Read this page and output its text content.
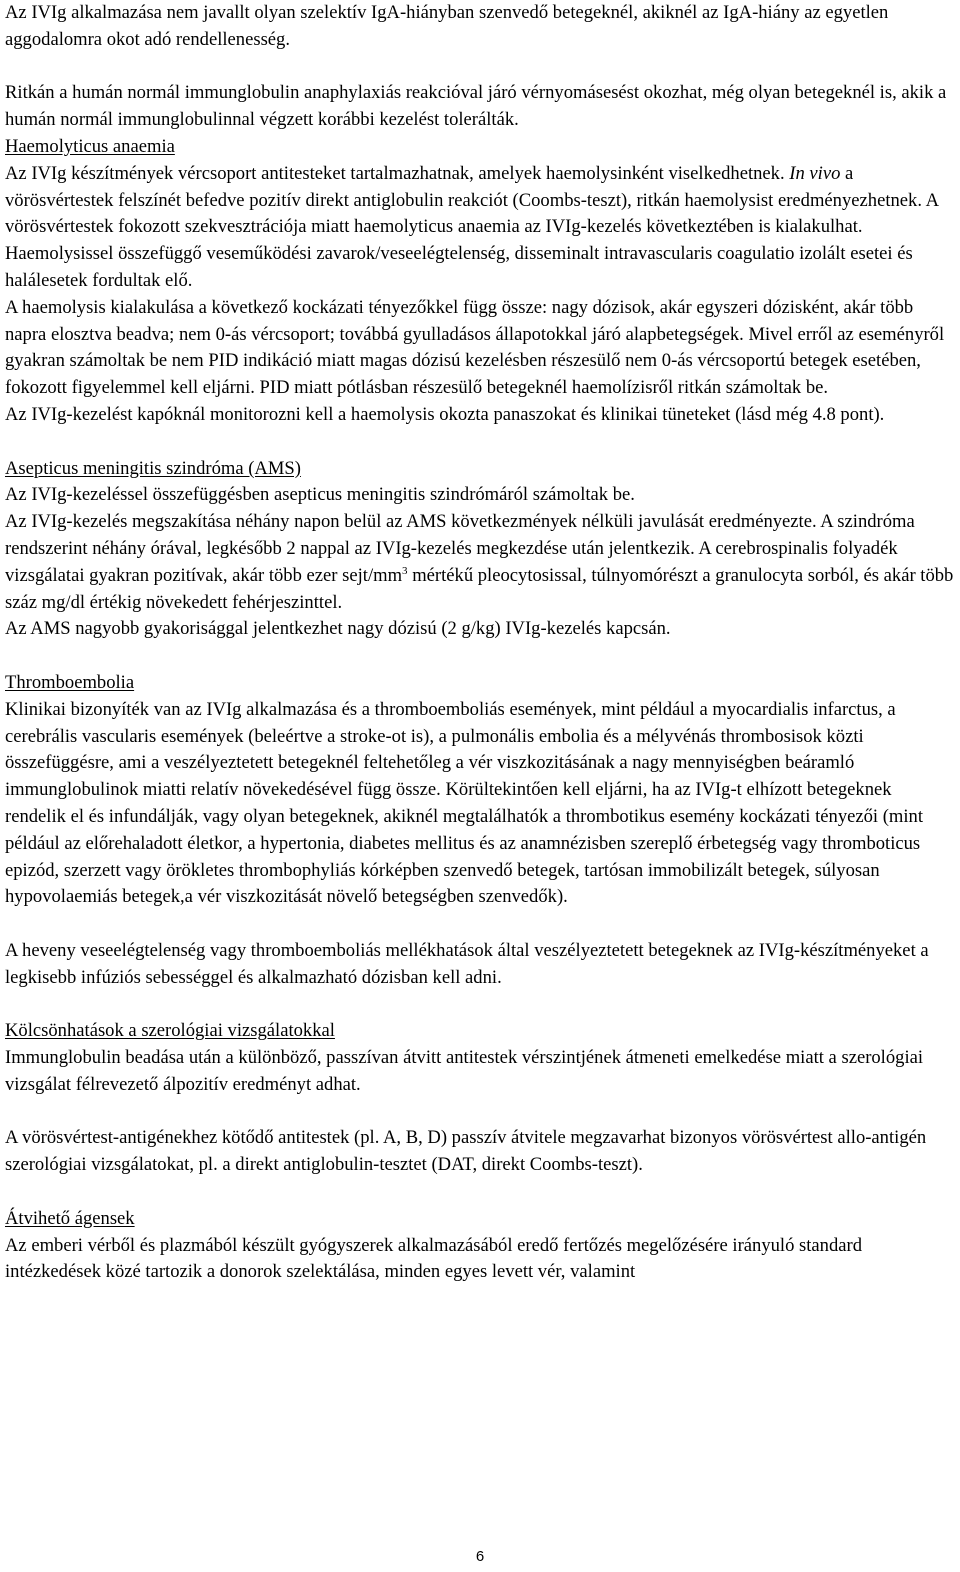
Az IVIg alkalmazása nem javallt olyan szelektív IgA-hiányban szenvedő betegeknél, akiknél az IgA-hiány az egyetlen aggodalomra okot adó rendellenesség.

Ritkán a humán normál immunglobulin anaphylaxiás reakcióval járó vérnyomásesést okozhat, még olyan betegeknél is, akik a humán normál immunglobulinnal végzett korábbi kezelést tolerálták.

Haemolyticus anaemia

Az IVIg készítmények vércsoport antitesteket tartalmazhatnak, amelyek haemolysinként viselkedhetnek. In vivo a vörösvértestek felszínét befedve pozitív direkt antiglobulin reakciót (Coombs-teszt), ritkán haemolysist eredményezhetnek. A vörösvértestek fokozott szekvesztrációja miatt haemolyticus anaemia az IVIg-kezelés következtében is kialakulhat.

Haemolysissel összefüggő veseműködési zavarok/veseelégtelenség, disseminalt intravascularis coagulatio izolált esetei és halálesetek fordultak elő.

A haemolysis kialakulása a következő kockázati tényezőkkel függ össze: nagy dózisok, akár egyszeri dózisként, akár több napra elosztva beadva; nem 0-ás vércsoport; továbbá gyulladásos állapotokkal járó alapbetegségek. Mivel erről az eseményről gyakran számoltak be nem PID indikáció miatt magas dózisú kezelésben részesülő nem 0-ás vércsoportú betegek esetében, fokozott figyelemmel kell eljárni. PID miatt pótlásban részesülő betegeknél haemolízisről ritkán számoltak be.

Az IVIg-kezelést kapóknál monitorozni kell a haemolysis okozta panaszokat és klinikai tüneteket (lásd még 4.8 pont).

Asepticus meningitis szindróma (AMS)

Az IVIg-kezeléssel összefüggésben asepticus meningitis szindrómáról számoltak be.

Az IVIg-kezelés megszakítása néhány napon belül az AMS következmények nélküli javulását eredményezte. A szindróma rendszerint néhány órával, legkésőbb 2 nappal az IVIg-kezelés megkezdése után jelentkezik. A cerebrospinalis folyadék vizsgálatai gyakran pozitívak, akár több ezer sejt/$mm^3$ mértékű pleocytosissal, túlnyomórészt a granulocyta sorból, és akár több száz mg/dl értékig növekedett fehérjeszinttel.

Az AMS nagyobb gyakorisággal jelentkezhet nagy dózisú (2 g/kg) IVIg-kezelés kapcsán.

Thromboembolia

Klinikai bizonyíték van az IVIg alkalmazása és a thromboemboliás események, mint például a myocardialis infarctus, a cerebrális vascularis események (beleértve a stroke-ot is), a pulmonális embolia és a mélyvénás thrombosisok közti összefüggésre, ami a veszélyeztetett betegeknél feltehetőleg a vér viszkozitásának a nagy mennyiségben beáramló immunglobulinok miatti relatív növekedésével függ össze. Körültekintően kell eljárni, ha az IVIg-t elhízott betegeknek rendelik el és infundálják, vagy olyan betegeknek, akiknél megtalálhatók a thrombotikus esemény kockázati tényezői (mint például az előrehaladott életkor, a hypertonia, diabetes mellitus és az anamnézisben szereplő érbetegség vagy thromboticus epizód, szerzett vagy örökletes thrombophyliás kórképben szenvedő betegek, tartósan immobilizált betegek, súlyosan hypovolaemiás betegek,a vér viszkozitását növelő betegségben szenvedők).

A heveny veseelégtelenség vagy thromboemboliás mellékhatások által veszélyeztetett betegeknek az IVIg-készítményeket a legkisebb infúziós sebességgel és alkalmazható dózisban kell adni.

Kölcsönhatások a szerológiai vizsgálatokkal

Immunglobulin beadása után a különböző, passzívan átvitt antitestek vérszintjének átmeneti emelkedése miatt a szerológiai vizsgálat félrevezető álpozitív eredményt adhat.

A vörösvértest-antigénekhez kötődő antitestek (pl. A, B, D) passzív átvitele megzavarhat bizonyos vörösvértest allo-antigén szerológiai vizsgálatokat, pl. a direkt antiglobulin-tesztet (DAT, direkt Coombs-teszt).

Átvihető ágensek

Az emberi vérből és plazmából készült gyógyszerek alkalmazásából eredő fertőzés megelőzésére irányuló standard intézkedések közé tartozik a donorok szelektálása, minden egyes levett vér, valamint

6
